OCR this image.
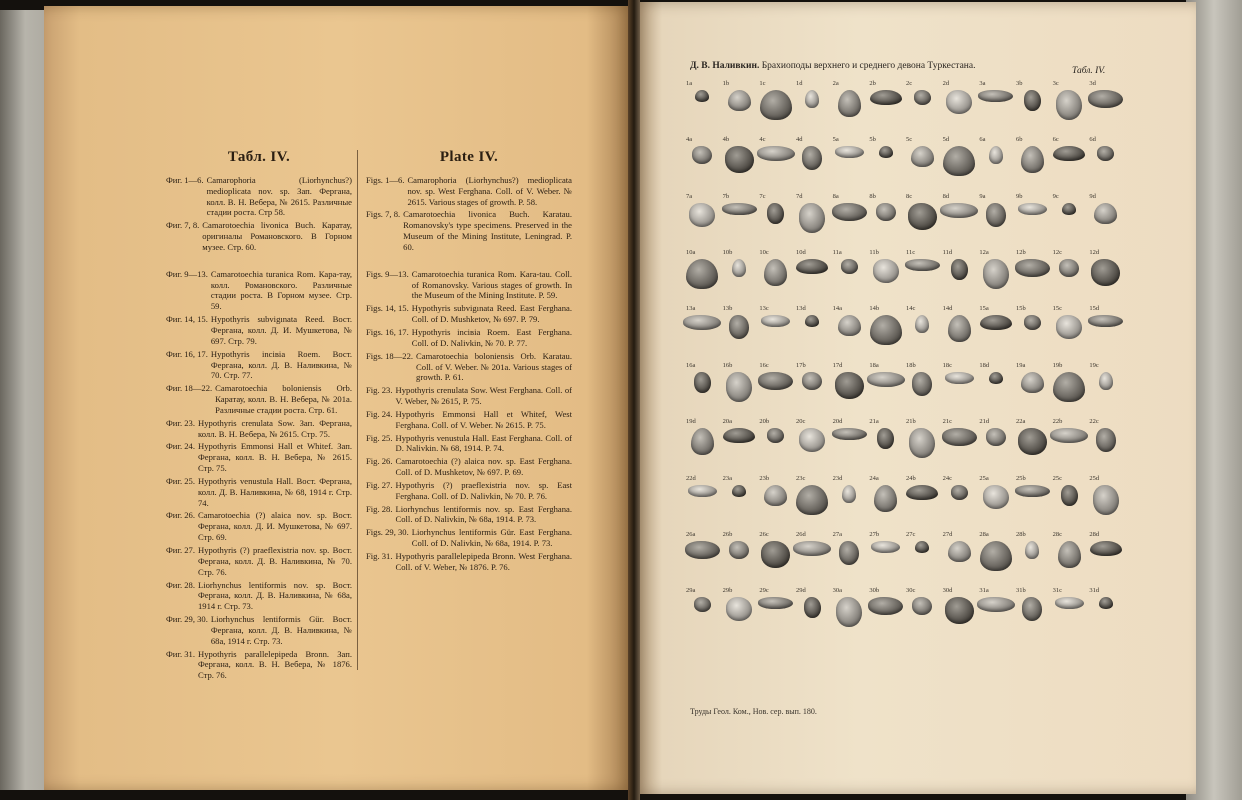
Табл. IV.
Фиг. 1—6. Camarophoria (Liorhynchus?) medioplicata nov. sp. Зап. Фергана, колл. В. Н. Вебера, № 2615. Различные стадии роста. Стр 58.
Фиг. 7, 8. Camarotoechia livonica Buch. Каратау, оригиналы Романовского. В Горном музее. Стр. 60.
Фиг. 9—13. Camarotoechia turanica Rom. Кара-тау, колл. Романовского. Различные стадии роста. В Горном музее. Стр. 59.
Фиг. 14, 15. Hypothyris subvigınata Reed. Вост. Фергана, колл. Д. И. Мушкетова, № 697. Стр. 79.
Фиг. 16, 17. Hypothyris inciвiа Roem. Вост. Фергана, колл. Д. В. Наливкина, № 70. Стр. 77.
Фиг. 18—22. Camarotoechia boloniensis Orb. Каратау, колл. В. Н. Вебера, № 201а. Различные стадии роста. Стр. 61.
Фиг. 23. Hypothyris crenulata Sow. Зап. Фергана, колл. В. Н. Вебера, № 2615. Стр. 75.
Фиг. 24. Hypothyris Emmonsi Hall et Whitef. Зап. Фергана, колл. В. Н. Вебера, № 2615. Стр. 75.
Фиг. 25. Hypothyris venustula Hall. Вост. Фергана, колл. Д. В. Наливкина, № 68, 1914 г. Стр. 74.
Фиг. 26. Camarotoechia (?) alaica nov. sp. Вост. Фергана, колл. Д. И. Мушкетова, № 697. Стр. 69.
Фиг. 27. Hypothyris (?) praeflexistria nov. sp. Вост. Фергана, колл. Д. В. Наливкина, № 70. Стр. 76.
Фиг. 28. Liorhynchus lentiformis nov. sp. Вост. Фергана, колл. Д. В. Наливкина, № 68а, 1914 г. Стр. 73.
Фиг. 29, 30. Liorhynchus lentiformis Gür. Вост. Фергана, колл. Д. В. Наливкина, № 68а, 1914 г. Стр. 73.
Фиг. 31. Hypothyris parallelepipeda Bronn. Зап. Фергана, колл. В. Н. Вебера, № 1876. Стр. 76.
Plate IV.
Figs. 1—6. Camarophoria (Liorhynchus?) medioplicata nov. sp. West Ferghana. Coll. of V. Weber. № 2615. Various stages of growth. P. 58.
Figs. 7, 8. Camarotoechia livonica Buch. Karatau. Romanovsky's type specimens. Preserved in the Museum of the Mining Institute, Leningrad. P. 60.
Figs. 9—13. Camarotoechia turanica Rom. Kara-tau. Coll. of Romanovsky. Various stages of growth. In the Museum of the Mining Institute. P. 59.
Figs. 14, 15. Hypothyris subvigınata Reed. East Ferghana. Coll. of D. Mushketov, № 697. P. 79.
Figs. 16, 17. Hypothyris inciвiа Roem. East Ferghana. Coll. of D. Nalivkin, № 70. P. 77.
Figs. 18—22. Camarotoechia boloniensis Orb. Karatau. Coll. of V. Weber. № 201a. Various stages of growth. P. 61.
Fig. 23. Hypothyris crenulata Sow. West Ferghana. Coll. of V. Weber, № 2615, P. 75.
Fig. 24. Hypothyris Emmonsi Hall et Whitef, West Ferghana. Coll. of V. Weber. № 2615. P. 75.
Fig. 25. Hypothyris venustula Hall. East Ferghana. Coll. of D. Nalivkin. № 68, 1914. P. 74.
Fig. 26. Camarotoechia (?) alaica nov. sp. East Ferghana. Coll. of D. Mushketov, № 697. P. 69.
Fig. 27. Hypothyris (?) praeflexistria nov. sp. East Ferghana. Coll. of D. Nalivkin, № 70. P. 76.
Fig. 28. Liorhynchus lentiformis nov. sp. East Ferghana. Coll. of D. Nalivkin, № 68a, 1914. P. 73.
Figs. 29, 30. Liorhynchus lentiformis Gür. East Ferghana. Coll. of D. Nalivkin, № 68a, 1914. P. 73.
Fig. 31. Hypothyris parallelepipeda Bronn. West Ferghana. Coll. of V. Weber, № 1876. P. 76.
Д. В. Наливкин. Брахиоподы верхнего и среднего девона Туркестана.	Табл. IV.
1a	1b	1c	1d	2a	2b	2c	2d	3a	3b	3c	3d
4a	4b	4c	4d	5a	5b	5c	5d	6a	6b	6c	6d
7a	7b	7c	7d	8a	8b	8c	8d	9a	9b	9c	9d
10a	10b	10c	10d	11a	11b	11c	11d	12a	12b	12c	12d
13a	13b	13c	13d	14a	14b	14c	14d	15a	15b	15c	15d
16a	16b	16c	17b	17d	18a	18b	18c	18d	19a	19b	19c
19d	20a	20b	20c	20d	21a	21b	21c	21d	22a	22b	22c
22d	23a	23b	23c	23d	24a	24b	24c	25a	25b	25c	25d
26a	26b	26c	26d	27a	27b	27c	27d	28a	28b	28c	28d
29a	29b	29c	29d	30a	30b	30c	30d	31a	31b	31c	31d
Труды Геол. Ком., Нов. сер. вып. 180.
